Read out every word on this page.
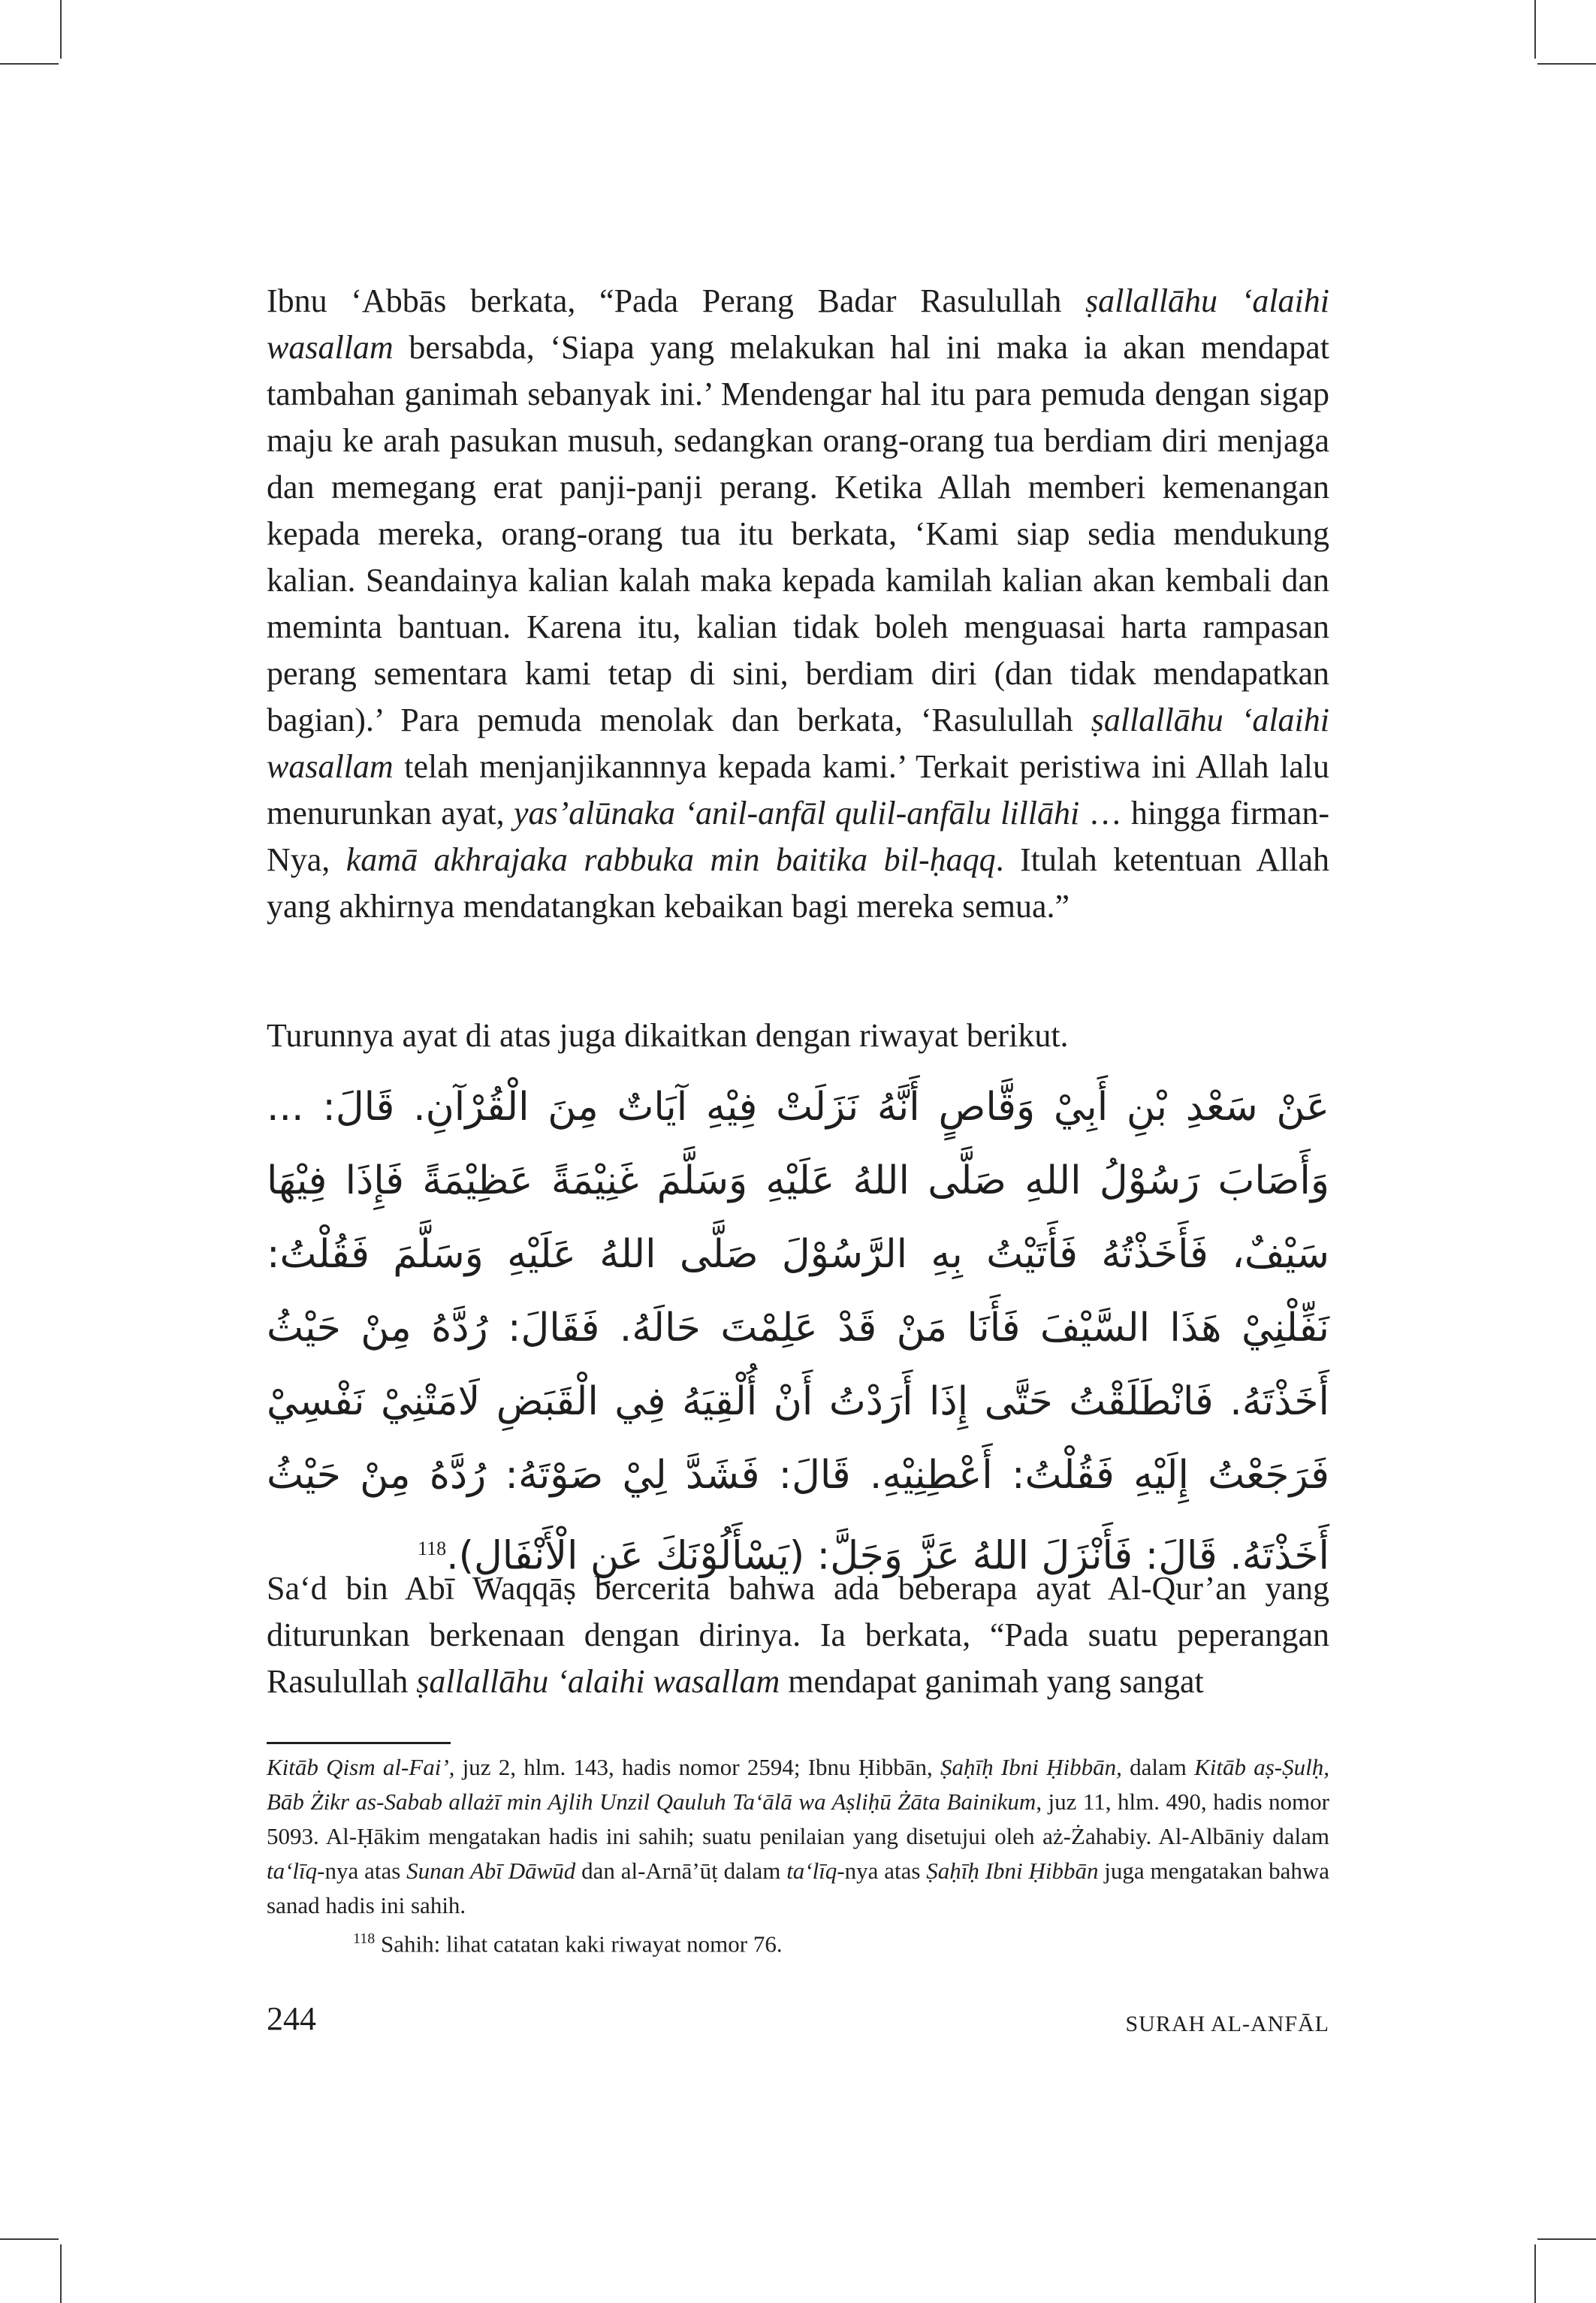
Ibnu ‘Abbās berkata, “Pada Perang Badar Rasulullah ṣallallāhu ‘alaihi wasallam bersabda, ‘Siapa yang melakukan hal ini maka ia akan mendapat tambahan ganimah sebanyak ini.’ Mendengar hal itu para pemuda dengan sigap maju ke arah pasukan musuh, sedangkan orang-orang tua berdiam diri menjaga dan memegang erat panji-panji perang. Ketika Allah memberi kemenangan kepada mereka, orang-orang tua itu berkata, ‘Kami siap sedia mendukung kalian. Seandainya kalian kalah maka kepada kamilah kalian akan kembali dan meminta bantuan. Karena itu, kalian tidak boleh menguasai harta rampasan perang sementara kami tetap di sini, berdiam diri (dan tidak mendapatkan bagian).’ Para pemuda menolak dan berkata, ‘Rasulullah ṣallallāhu ‘alaihi wasallam telah menjanjikannnya kepada kami.’ Terkait peristiwa ini Allah lalu menurunkan ayat, yas’alūnaka ‘anil-anfāl qulil-anfālu lillāhi … hingga firman-Nya, kamā akhrajaka rabbuka min baitika bil-ḥaqq. Itulah ketentuan Allah yang akhirnya mendatangkan kebaikan bagi mereka semua.”

Turunnya ayat di atas juga dikaitkan dengan riwayat berikut.

عَنْ سَعْدِ بْنِ أَبِيْ وَقَّاصٍ أَنَّهُ نَزَلَتْ فِيْهِ آيَاتٌ مِنَ الْقُرْآنِ. قَالَ: ... وَأَصَابَ رَسُوْلُ اللهِ صَلَّى اللهُ عَلَيْهِ وَسَلَّمَ غَنِيْمَةً عَظِيْمَةً فَإِذَا فِيْهَا سَيْفٌ، فَأَخَذْتُهُ فَأَتَيْتُ بِهِ الرَّسُوْلَ صَلَّى اللهُ عَلَيْهِ وَسَلَّمَ فَقُلْتُ: نَفِّلْنِيْ هَذَا السَّيْفَ فَأَنَا مَنْ قَدْ عَلِمْتَ حَالَهُ. فَقَالَ: رُدَّهُ مِنْ حَيْثُ أَخَذْتَهُ. فَانْطَلَقْتُ حَتَّى إِذَا أَرَدْتُ أَنْ أُلْقِيَهُ فِي الْقَبَضِ لَامَتْنِيْ نَفْسِيْ فَرَجَعْتُ إِلَيْهِ فَقُلْتُ: أَعْطِنِيْهِ. قَالَ: فَشَدَّ لِيْ صَوْتَهُ: رُدَّهُ مِنْ حَيْثُ أَخَذْتَهُ. قَالَ: فَأَنْزَلَ اللهُ عَزَّ وَجَلَّ: (يَسْأَلُوْنَكَ عَنِ الْأَنْفَالِ).$^{118}$

Sa‘d bin Abī Waqqāṣ bercerita bahwa ada beberapa ayat Al-Qur’an yang diturunkan berkenaan dengan dirinya. Ia berkata, “Pada suatu peperangan Rasulullah ṣallallāhu ‘alaihi wasallam mendapat ganimah yang sangat

Kitāb Qism al-Fai’, juz 2, hlm. 143, hadis nomor 2594; Ibnu Ḥibbān, Ṣaḥīḥ Ibni Ḥibbān, dalam Kitāb aṣ-Ṣulḥ, Bāb Żikr as-Sabab allażī min Ajlih Unzil Qauluh Ta‘ālā wa Aṣliḥū Żāta Bainikum, juz 11, hlm. 490, hadis nomor 5093. Al-Ḥākim mengatakan hadis ini sahih; suatu penilaian yang disetujui oleh aż-Żahabiy. Al-Albāniy dalam ta‘līq-nya atas Sunan Abī Dāwūd dan al-Arnā’ūṭ dalam ta‘līq-nya atas Ṣaḥīḥ Ibni Ḥibbān juga mengatakan bahwa sanad hadis ini sahih.

$^{118}$ Sahih: lihat catatan kaki riwayat nomor 76.

244	SURAH AL-ANFĀL
